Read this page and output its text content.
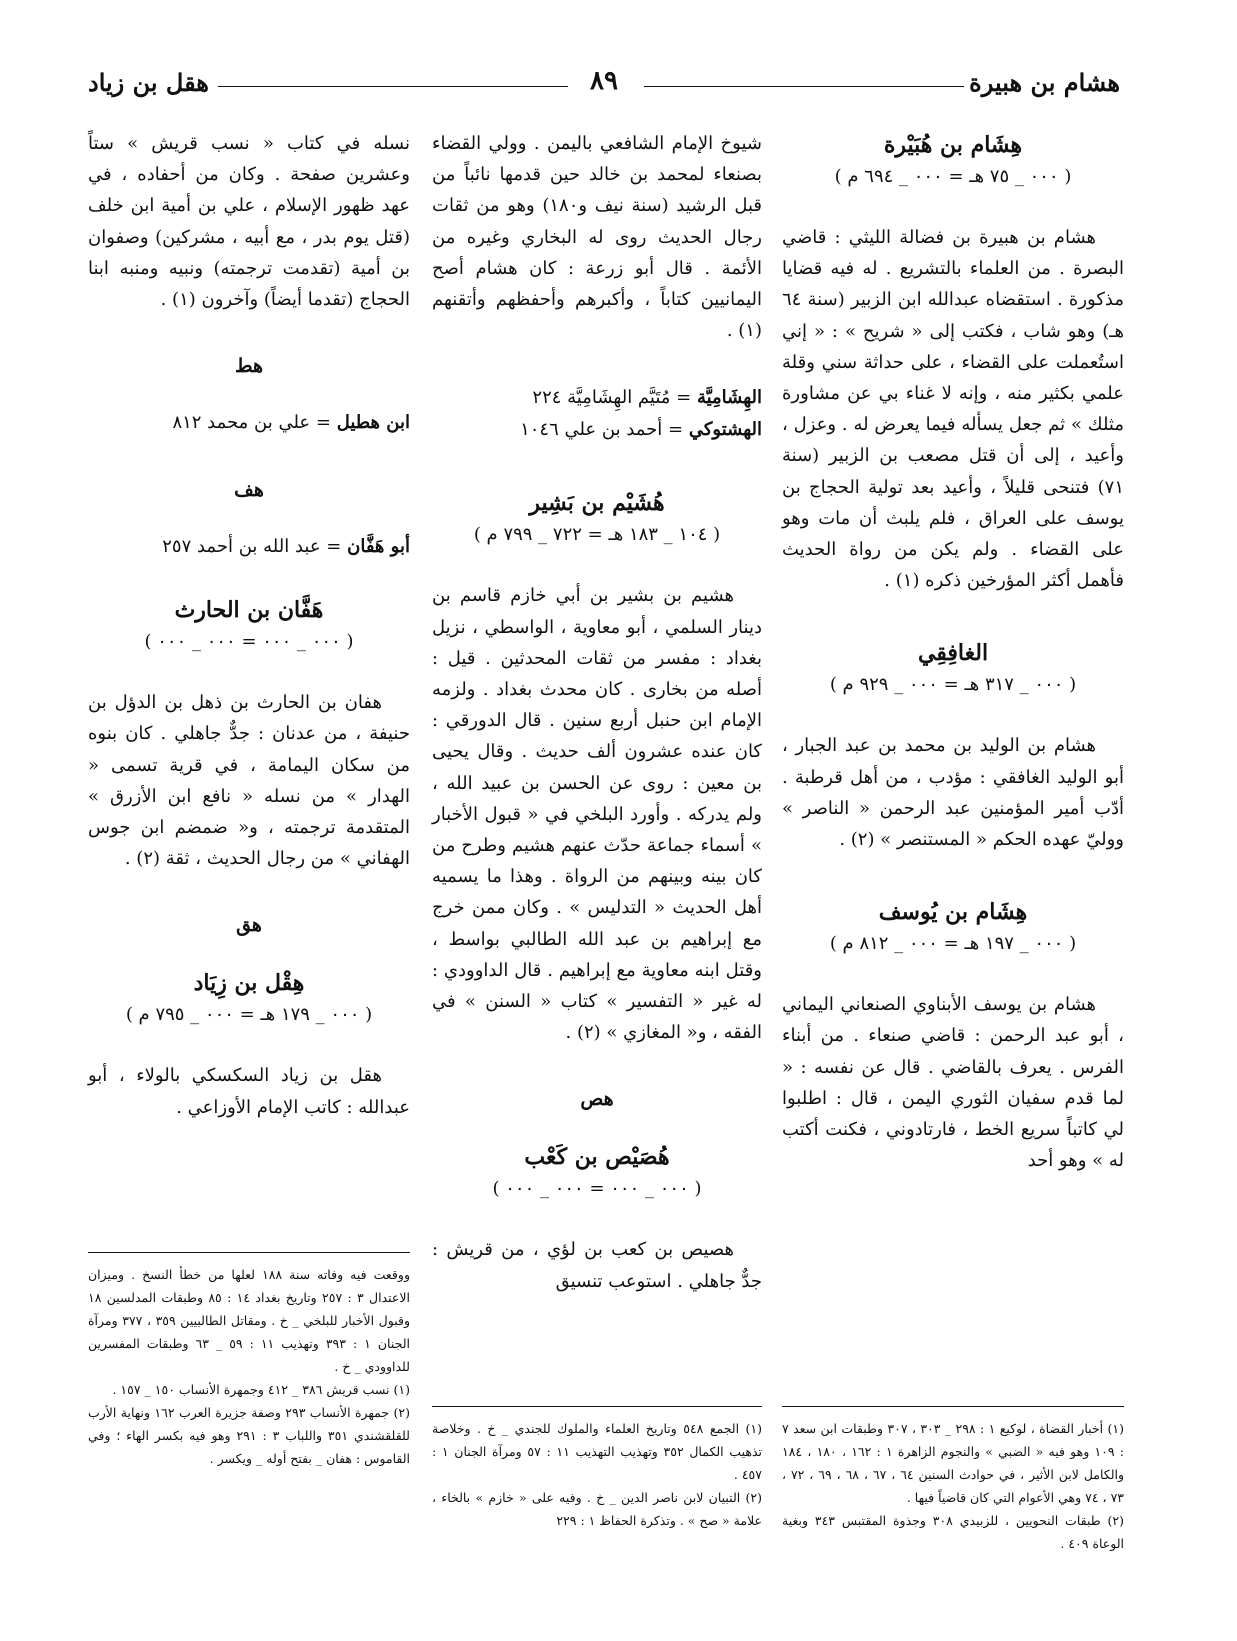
هقل بن زياد	٨٩	هشام بن هبيرة
هِشَام بن هُبَيْرة
( ٠٠٠ _ ٧٥ هـ = ٠٠٠ _ ٦٩٤ م )

هشام بن هبيرة بن فضالة الليثي : قاضي البصرة . من العلماء بالتشريع . له فيه قضايا مذكورة . استقضاه عبدالله ابن الزبير (سنة ٦٤ هـ) وهو شاب ، فكتب إلى « شريح » : « إني استُعملت على القضاء ، على حداثة سني وقلة علمي بكثير منه ، وإنه لا غناء بي عن مشاورة مثلك » ثم جعل يسأله فيما يعرض له . وعزل ، وأعيد ، إلى أن قتل مصعب بن الزبير (سنة ٧١) فتنحى قليلاً ، وأعيد بعد تولية الحجاج بن يوسف على العراق ، فلم يلبث أن مات وهو على القضاء . ولم يكن من رواة الحديث فأهمل أكثر المؤرخين ذكره (١) .

الغافِقِي
( ٠٠٠ _ ٣١٧ هـ = ٠٠٠ _ ٩٢٩ م )

هشام بن الوليد بن محمد بن عبد الجبار ، أبو الوليد الغافقي : مؤدب ، من أهل قرطبة . أدّب أمير المؤمنين عبد الرحمن « الناصر » ووليّ عهده الحكم « المستنصر » (٢) .

هِشَام بن يُوسف
( ٠٠٠ _ ١٩٧ هـ = ٠٠٠ _ ٨١٢ م )

هشام بن يوسف الأبناوي الصنعاني اليماني ، أبو عبد الرحمن : قاضي صنعاء . من أبناء الفرس . يعرف بالقاضي . قال عن نفسه : « لما قدم سفيان الثوري اليمن ، قال : اطلبوا لي كاتباً سريع الخط ، فارتادوني ، فكنت أكتب له » وهو أحد

(١) أخبار القضاة ، لوكيع ١ : ٢٩٨ _ ٣٠٣ ، ٣٠٧ وطبقات ابن سعد ٧ : ١٠٩ وهو فيه « الضبي » والنجوم الزاهرة ١ : ١٦٢ ، ١٨٠ ، ١٨٤ والكامل لابن الأثير ، في حوادث السنين ٦٤ ، ٦٧ ، ٦٨ ، ٦٩ ، ٧٢ ، ٧٣ ، ٧٤ وهي الأعوام التي كان قاضياً فيها .

(٢) طبقات النحويين ، للزبيدي ٣٠٨ وجذوة المقتبس ٣٤٣ وبغية الوعاة ٤٠٩ .

شيوخ الإمام الشافعي باليمن . وولي القضاء بصنعاء لمحمد بن خالد حين قدمها نائباً من قبل الرشيد (سنة نيف و١٨٠) وهو من ثقات رجال الحديث روى له البخاري وغيره من الأئمة . قال أبو زرعة : كان هشام أصح اليمانيين كتاباً ، وأكبرهم وأحفظهم وأتقنهم (١) .

الهِشَامِيَّة = مُتَيَّم الهِشَامِيَّة ٢٢٤

الهشتوكي = أحمد بن علي ١٠٤٦

هُشَيْم بن بَشِير
( ١٠٤ _ ١٨٣ هـ = ٧٢٢ _ ٧٩٩ م )

هشيم بن بشير بن أبي خازم قاسم بن دينار السلمي ، أبو معاوية ، الواسطي ، نزيل بغداد : مفسر من ثقات المحدثين . قيل : أصله من بخارى . كان محدث بغداد . ولزمه الإمام ابن حنبل أربع سنين . قال الدورقي : كان عنده عشرون ألف حديث . وقال يحيى بن معين : روى عن الحسن بن عبيد الله ، ولم يدركه . وأورد البلخي في « قبول الأخبار » أسماء جماعة حدّث عنهم هشيم وطرح من كان بينه وبينهم من الرواة . وهذا ما يسميه أهل الحديث « التدليس » . وكان ممن خرج مع إبراهيم بن عبد الله الطالبي بواسط ، وقتل ابنه معاوية مع إبراهيم . قال الداوودي : له غير « التفسير » كتاب « السنن » في الفقه ، و« المغازي » (٢) .

هص
هُصَيْص بن كَعْب
( ٠٠٠ _ ٠٠٠ = ٠٠٠ _ ٠٠٠ )

هصيص بن كعب بن لؤي ، من قريش : جدٌّ جاهلي . استوعب تنسيق

(١) الجمع ٥٤٨ وتاريخ العلماء والملوك للجندي _ خ . وخلاصة تذهيب الكمال ٣٥٢ وتهذيب التهذيب ١١ : ٥٧ ومرآة الجنان ١ : ٤٥٧ .

(٢) التبيان لابن ناصر الدين _ خ . وفيه على « خازم » بالخاء ، علامة « صح » . وتذكرة الحفاظ ١ : ٢٢٩

نسله في كتاب « نسب قريش » ستاً وعشرين صفحة . وكان من أحفاده ، في عهد ظهور الإسلام ، علي بن أمية ابن خلف (قتل يوم بدر ، مع أبيه ، مشركين) وصفوان بن أمية (تقدمت ترجمته) ونبيه ومنبه ابنا الحجاج (تقدما أيضاً) وآخرون (١) .

هط

ابن هطيل = علي بن محمد ٨١٢

هف

أبو هَفَّان = عبد الله بن أحمد ٢٥٧

هَفَّان بن الحارث
( ٠٠٠ _ ٠٠٠ = ٠٠٠ _ ٠٠٠ )

هفان بن الحارث بن ذهل بن الدؤل بن حنيفة ، من عدنان : جدٌّ جاهلي . كان بنوه من سكان اليمامة ، في قرية تسمى « الهدار » من نسله « نافع ابن الأزرق » المتقدمة ترجمته ، و« ضمضم ابن جوس الهفاني » من رجال الحديث ، ثقة (٢) .

هق
هِقْل بن زِيَاد
( ٠٠٠ _ ١٧٩ هـ = ٠٠٠ _ ٧٩٥ م )

هقل بن زياد السكسكي بالولاء ، أبو عبدالله : كاتب الإمام الأوزاعي .

ووقعت فيه وفاته سنة ١٨٨ لعلها من خطأ النسخ . وميزان الاعتدال ٣ : ٢٥٧ وتاريخ بغداد ١٤ : ٨٥ وطبقات المدلسين ١٨ وقبول الأخبار للبلخي _ خ . ومقاتل الطالبيين ٣٥٩ ، ٣٧٧ ومرآة الجنان ١ : ٣٩٣ وتهذيب ١١ : ٥٩ _ ٦٣ وطبقات المفسرين للداوودي _ خ .

(١) نسب قريش ٣٨٦ _ ٤١٢ وجمهرة الأنساب ١٥٠ _ ١٥٧ .

(٢) جمهرة الأنساب ٢٩٣ وصفة جزيرة العرب ١٦٢ ونهاية الأرب للقلقشندي ٣٥١ واللباب ٣ : ٢٩١ وهو فيه بكسر الهاء ؛ وفي القاموس : هفان _ بفتح أوله _ ويكسر .
